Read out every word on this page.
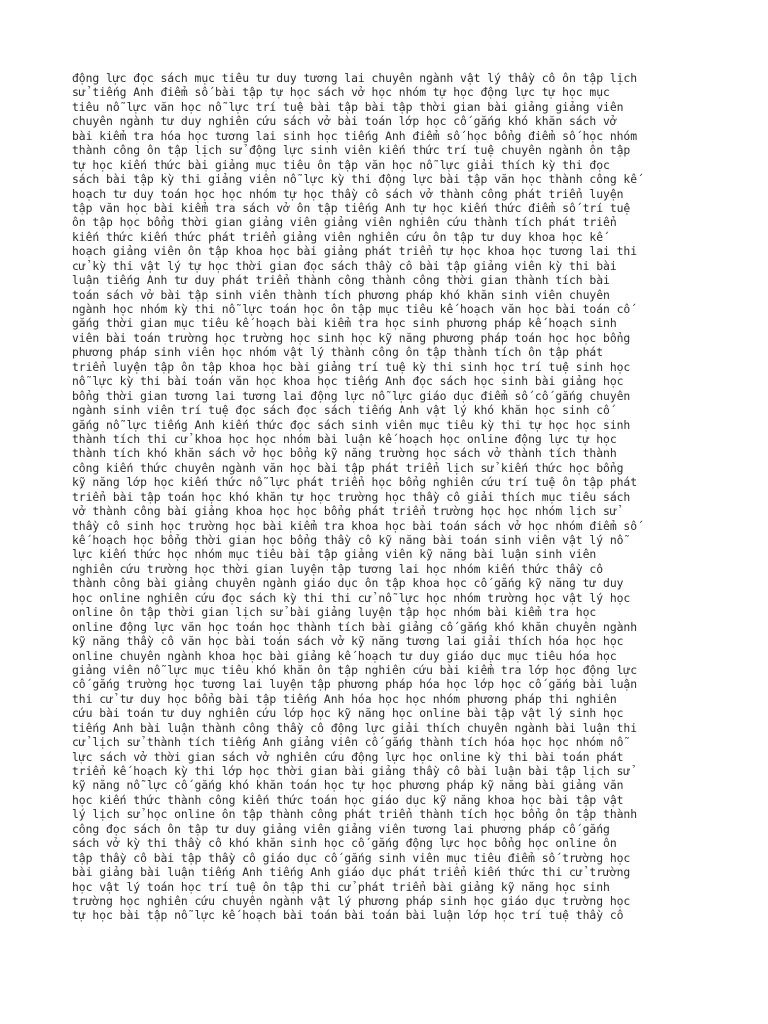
động lực đọc sách mục tiêu tư duy tương lai chuyên ngành vật lý thầy cô ôn tập lịch
sử tiếng Anh điểm số bài tập tự học sách vở học nhóm tự học động lực tự học mục
tiêu nỗ lực văn học nỗ lực trí tuệ bài tập bài tập thời gian bài giảng giảng viên
chuyên ngành tư duy nghiên cứu sách vở bài toán lớp học cố gắng khó khăn sách vở
bài kiểm tra hóa học tương lai sinh học tiếng Anh điểm số học bổng điểm số học nhóm
thành công ôn tập lịch sử động lực sinh viên kiến thức trí tuệ chuyên ngành ôn tập
tự học kiến thức bài giảng mục tiêu ôn tập văn học nỗ lực giải thích kỳ thi đọc
sách bài tập kỳ thi giảng viên nỗ lực kỳ thi động lực bài tập văn học thành công kế
hoạch tư duy toán học học nhóm tự học thầy cô sách vở thành công phát triển luyện
tập văn học bài kiểm tra sách vở ôn tập tiếng Anh tự học kiến thức điểm số trí tuệ
ôn tập học bổng thời gian giảng viên giảng viên nghiên cứu thành tích phát triển
kiến thức kiến thức phát triển giảng viên nghiên cứu ôn tập tư duy khoa học kế
hoạch giảng viên ôn tập khoa học bài giảng phát triển tự học khoa học tương lai thi
cử kỳ thi vật lý tự học thời gian đọc sách thầy cô bài tập giảng viên kỳ thi bài
luận tiếng Anh tư duy phát triển thành công thành công thời gian thành tích bài
toán sách vở bài tập sinh viên thành tích phương pháp khó khăn sinh viên chuyên
ngành học nhóm kỳ thi nỗ lực toán học ôn tập mục tiêu kế hoạch văn học bài toán cố
gắng thời gian mục tiêu kế hoạch bài kiểm tra học sinh phương pháp kế hoạch sinh
viên bài toán trường học trường học sinh học kỹ năng phương pháp toán học học bổng
phương pháp sinh viên học nhóm vật lý thành công ôn tập thành tích ôn tập phát
triển luyện tập ôn tập khoa học bài giảng trí tuệ kỳ thi sinh học trí tuệ sinh học
nỗ lực kỳ thi bài toán văn học khoa học tiếng Anh đọc sách học sinh bài giảng học
bổng thời gian tương lai tương lai động lực nỗ lực giáo dục điểm số cố gắng chuyên
ngành sinh viên trí tuệ đọc sách đọc sách tiếng Anh vật lý khó khăn học sinh cố
gắng nỗ lực tiếng Anh kiến thức đọc sách sinh viên mục tiêu kỳ thi tự học học sinh
thành tích thi cử khoa học học nhóm bài luận kế hoạch học online động lực tự học
thành tích khó khăn sách vở học bổng kỹ năng trường học sách vở thành tích thành
công kiến thức chuyên ngành văn học bài tập phát triển lịch sử kiến thức học bổng
kỹ năng lớp học kiến thức nỗ lực phát triển học bổng nghiên cứu trí tuệ ôn tập phát
triển bài tập toán học khó khăn tự học trường học thầy cô giải thích mục tiêu sách
vở thành công bài giảng khoa học học bổng phát triển trường học học nhóm lịch sử
thầy cô sinh học trường học bài kiểm tra khoa học bài toán sách vở học nhóm điểm số
kế hoạch học bổng thời gian học bổng thầy cô kỹ năng bài toán sinh viên vật lý nỗ
lực kiến thức học nhóm mục tiêu bài tập giảng viên kỹ năng bài luận sinh viên
nghiên cứu trường học thời gian luyện tập tương lai học nhóm kiến thức thầy cô
thành công bài giảng chuyên ngành giáo dục ôn tập khoa học cố gắng kỹ năng tư duy
học online nghiên cứu đọc sách kỳ thi thi cử nỗ lực học nhóm trường học vật lý học
online ôn tập thời gian lịch sử bài giảng luyện tập học nhóm bài kiểm tra học
online động lực văn học toán học thành tích bài giảng cố gắng khó khăn chuyên ngành
kỹ năng thầy cô văn học bài toán sách vở kỹ năng tương lai giải thích hóa học học
online chuyên ngành khoa học bài giảng kế hoạch tư duy giáo dục mục tiêu hóa học
giảng viên nỗ lực mục tiêu khó khăn ôn tập nghiên cứu bài kiểm tra lớp học động lực
cố gắng trường học tương lai luyện tập phương pháp hóa học lớp học cố gắng bài luận
thi cử tư duy học bổng bài tập tiếng Anh hóa học học nhóm phương pháp thi nghiên
cứu bài toán tư duy nghiên cứu lớp học kỹ năng học online bài tập vật lý sinh học
tiếng Anh bài luận thành công thầy cô động lực giải thích chuyên ngành bài luận thi
cử lịch sử thành tích tiếng Anh giảng viên cố gắng thành tích hóa học học nhóm nỗ
lực sách vở thời gian sách vở nghiên cứu động lực học online kỳ thi bài toán phát
triển kế hoạch kỳ thi lớp học thời gian bài giảng thầy cô bài luận bài tập lịch sử
kỹ năng nỗ lực cố gắng khó khăn toán học tự học phương pháp kỹ năng bài giảng văn
học kiến thức thành công kiến thức toán học giáo dục kỹ năng khoa học bài tập vật
lý lịch sử học online ôn tập thành công phát triển thành tích học bổng ôn tập thành
công đọc sách ôn tập tư duy giảng viên giảng viên tương lai phương pháp cố gắng
sách vở kỳ thi thầy cô khó khăn sinh học cố gắng động lực học bổng học online ôn
tập thầy cô bài tập thầy cô giáo dục cố gắng sinh viên mục tiêu điểm số trường học
bài giảng bài luận tiếng Anh tiếng Anh giáo dục phát triển kiến thức thi cử trường
học vật lý toán học trí tuệ ôn tập thi cử phát triển bài giảng kỹ năng học sinh
trường học nghiên cứu chuyên ngành vật lý phương pháp sinh học giáo dục trường học
tự học bài tập nỗ lực kế hoạch bài toán bài toán bài luận lớp học trí tuệ thầy cô
